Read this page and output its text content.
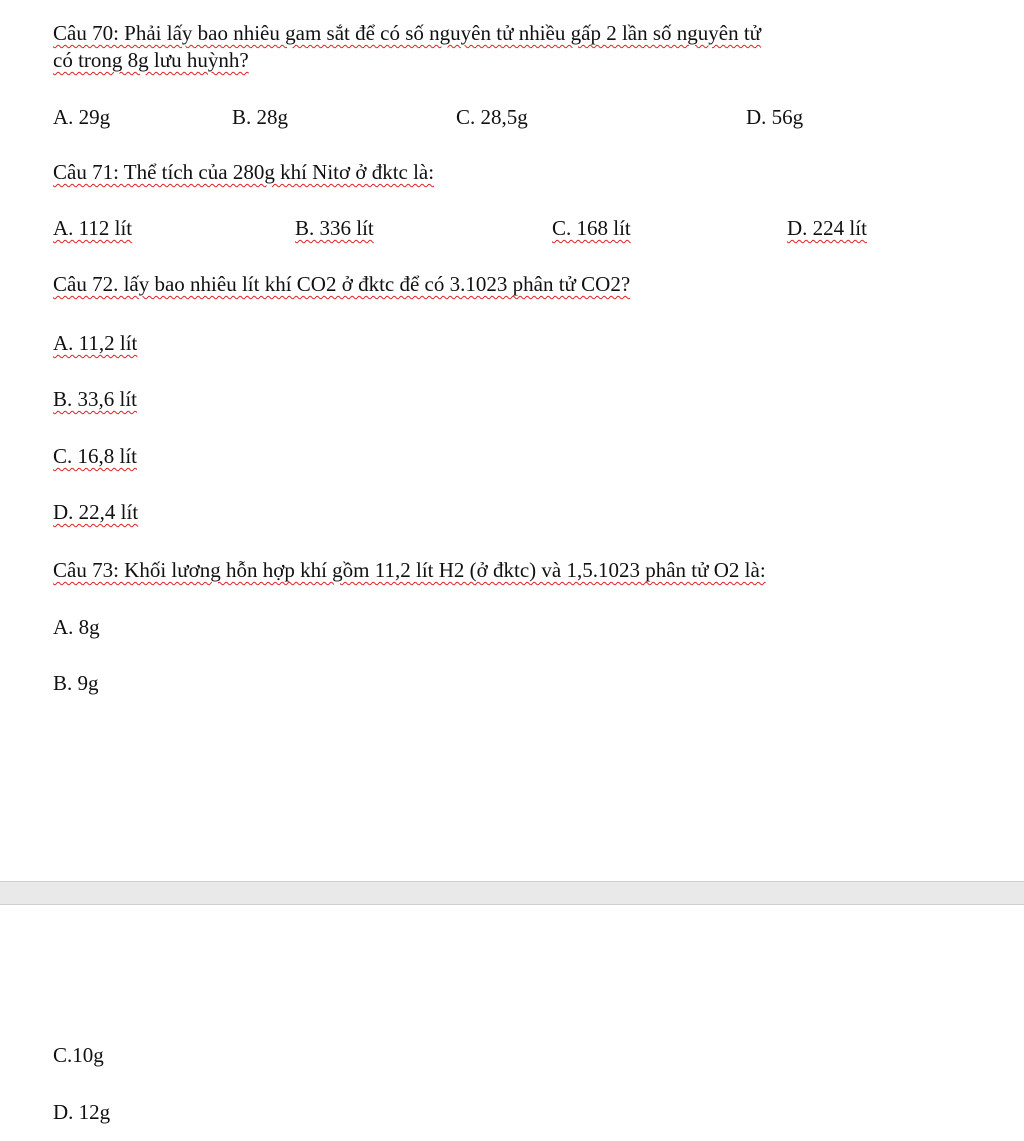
Câu 70: Phải lấy bao nhiêu gam sắt để có số nguyên tử nhiều gấp 2 lần số nguyên tử
có trong 8g lưu huỳnh?
A. 29g	B. 28g	C. 28,5g	D. 56g
Câu 71: Thể tích của 280g khí Nitơ ở đktc là:
A. 112 lít	B. 336 lít	C. 168 lít	D. 224 lít
Câu 72. lấy bao nhiêu lít khí CO2 ở đktc để có 3.1023 phân tử CO2?
A. 11,2 lít
B. 33,6 lít
C. 16,8 lít
D. 22,4 lít
Câu 73: Khối lương hỗn hợp khí gồm 11,2 lít H2 (ở đktc) và 1,5.1023 phân tử O2 là:
A. 8g
B. 9g
C.10g
D. 12g
